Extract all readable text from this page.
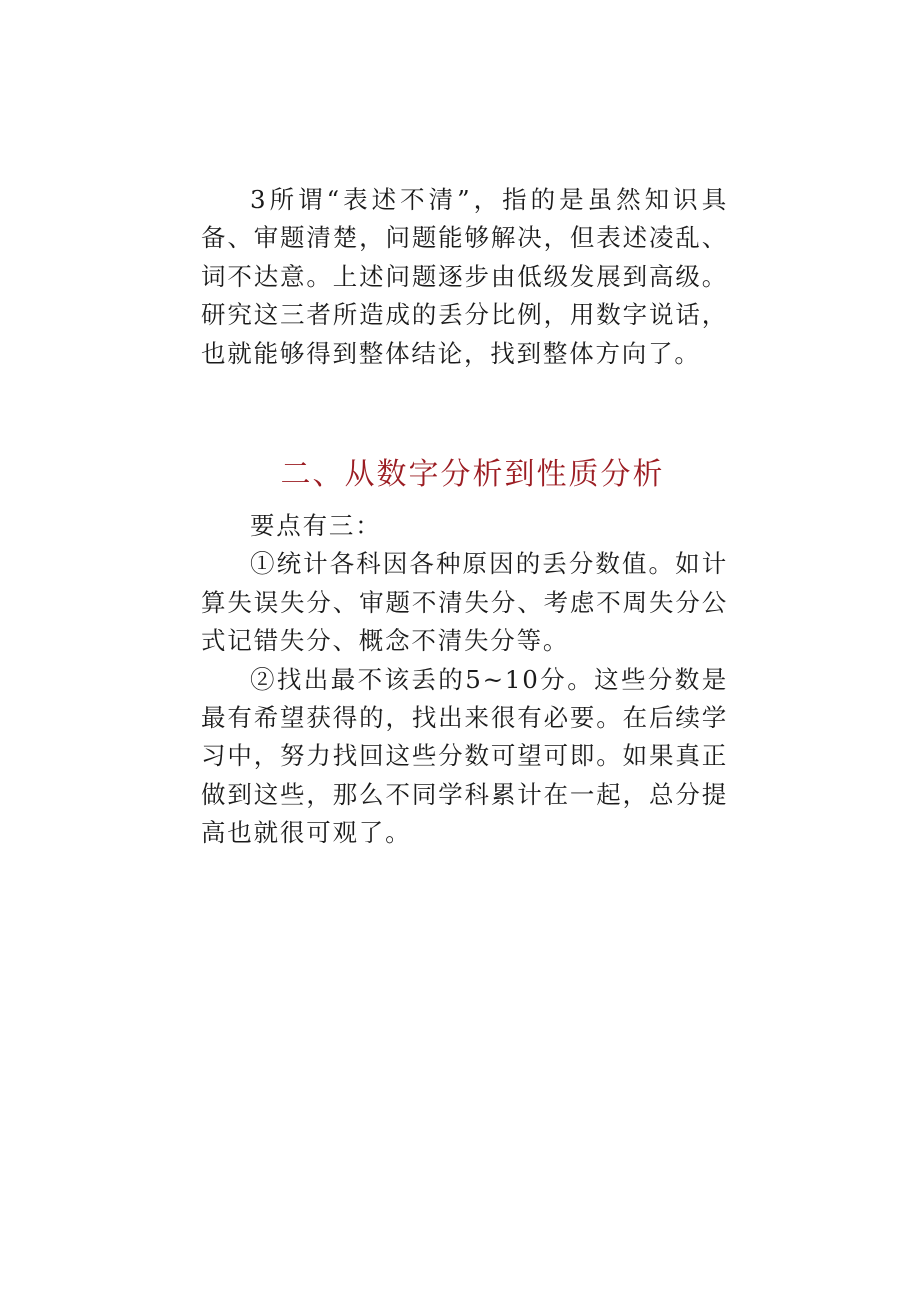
3所谓“表述不清”，指的是虽然知识具备、审题清楚，问题能够解决，但表述凌乱、词不达意。上述问题逐步由低级发展到高级。研究这三者所造成的丢分比例，用数字说话，也就能够得到整体结论，找到整体方向了。

二、从数字分析到性质分析

要点有三：

①统计各科因各种原因的丢分数值。如计算失误失分、审题不清失分、考虑不周失分公式记错失分、概念不清失分等。

②找出最不该丢的5~10分。这些分数是最有希望获得的，找出来很有必要。在后续学习中，努力找回这些分数可望可即。如果真正做到这些，那么不同学科累计在一起，总分提高也就很可观了。
